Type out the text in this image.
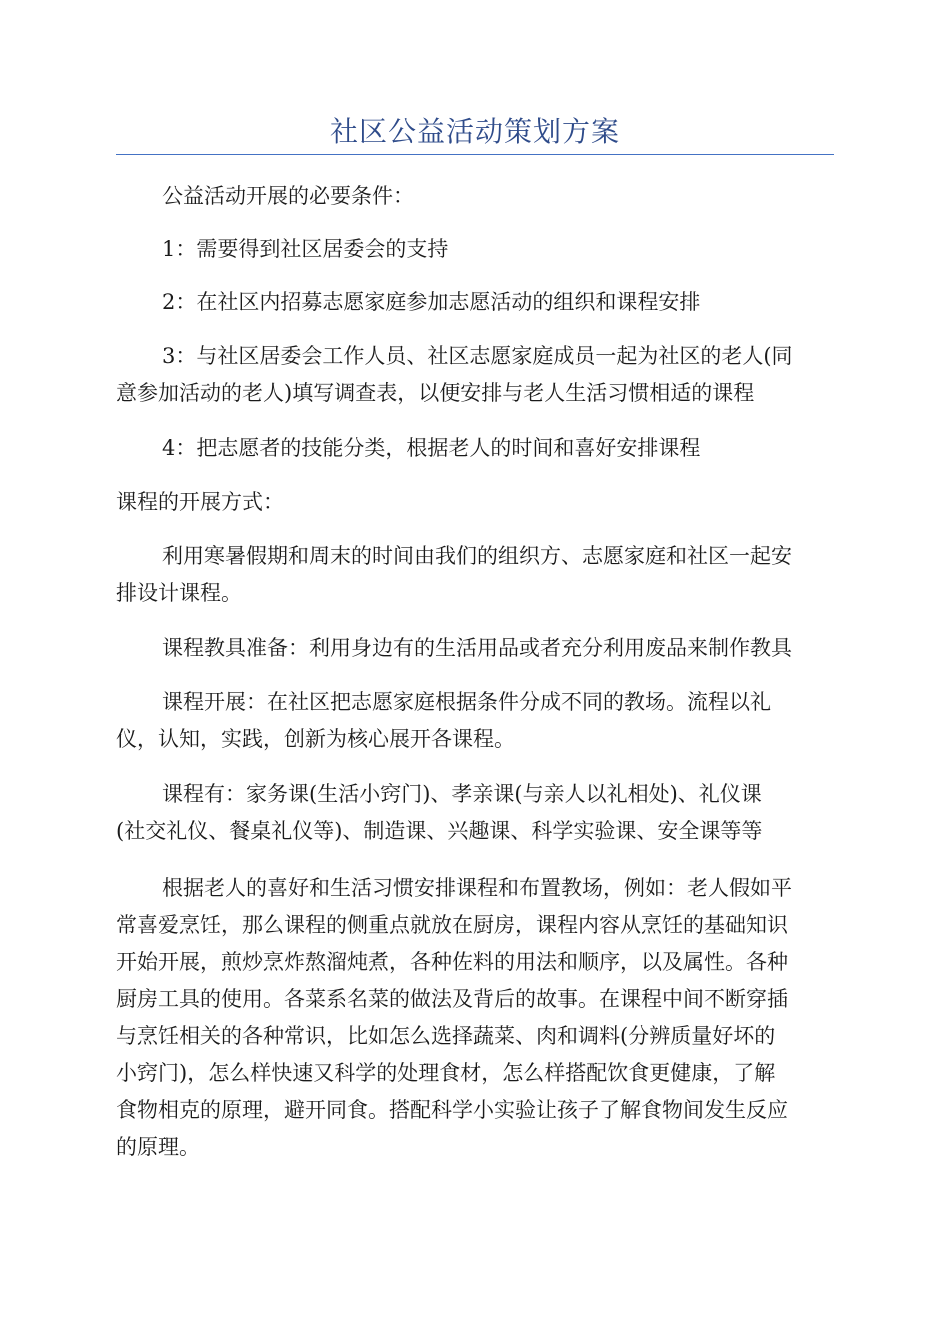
社区公益活动策划方案
公益活动开展的必要条件：
1：需要得到社区居委会的支持
2：在社区内招募志愿家庭参加志愿活动的组织和课程安排
3：与社区居委会工作人员、社区志愿家庭成员一起为社区的老人(同
意参加活动的老人)填写调查表，以便安排与老人生活习惯相适的课程
4：把志愿者的技能分类，根据老人的时间和喜好安排课程
课程的开展方式：
利用寒暑假期和周末的时间由我们的组织方、志愿家庭和社区一起安
排设计课程。
课程教具准备：利用身边有的生活用品或者充分利用废品来制作教具
课程开展：在社区把志愿家庭根据条件分成不同的教场。流程以礼
仪，认知，实践，创新为核心展开各课程。
课程有：家务课(生活小窍门)、孝亲课(与亲人以礼相处)、礼仪课
(社交礼仪、餐桌礼仪等)、制造课、兴趣课、科学实验课、安全课等等
根据老人的喜好和生活习惯安排课程和布置教场，例如：老人假如平
常喜爱烹饪，那么课程的侧重点就放在厨房，课程内容从烹饪的基础知识
开始开展，煎炒烹炸熬溜炖煮，各种佐料的用法和顺序，以及属性。各种
厨房工具的使用。各菜系名菜的做法及背后的故事。在课程中间不断穿插
与烹饪相关的各种常识，比如怎么选择蔬菜、肉和调料(分辨质量好坏的
小窍门)，怎么样快速又科学的处理食材，怎么样搭配饮食更健康，了解
食物相克的原理，避开同食。搭配科学小实验让孩子了解食物间发生反应
的原理。
